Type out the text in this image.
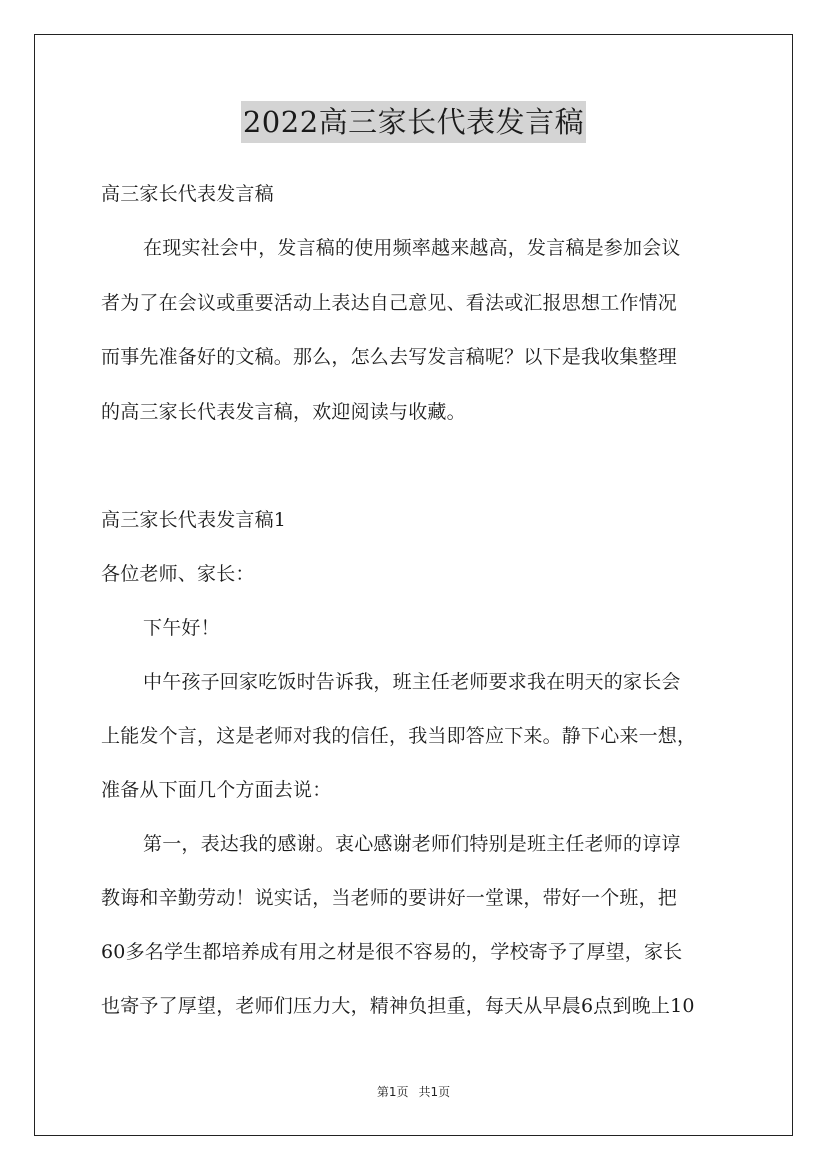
2022高三家长代表发言稿
高三家长代表发言稿
在现实社会中，发言稿的使用频率越来越高，发言稿是参加会议
者为了在会议或重要活动上表达自己意见、看法或汇报思想工作情况
而事先准备好的文稿。那么，怎么去写发言稿呢？以下是我收集整理
的高三家长代表发言稿，欢迎阅读与收藏。
高三家长代表发言稿1
各位老师、家长：
下午好！
中午孩子回家吃饭时告诉我，班主任老师要求我在明天的家长会
上能发个言，这是老师对我的信任，我当即答应下来。静下心来一想，
准备从下面几个方面去说：
第一，表达我的感谢。衷心感谢老师们特别是班主任老师的谆谆
教诲和辛勤劳动！说实话，当老师的要讲好一堂课，带好一个班，把
60多名学生都培养成有用之材是很不容易的，学校寄予了厚望，家长
也寄予了厚望，老师们压力大，精神负担重，每天从早晨6点到晚上10
第1页 共1页
